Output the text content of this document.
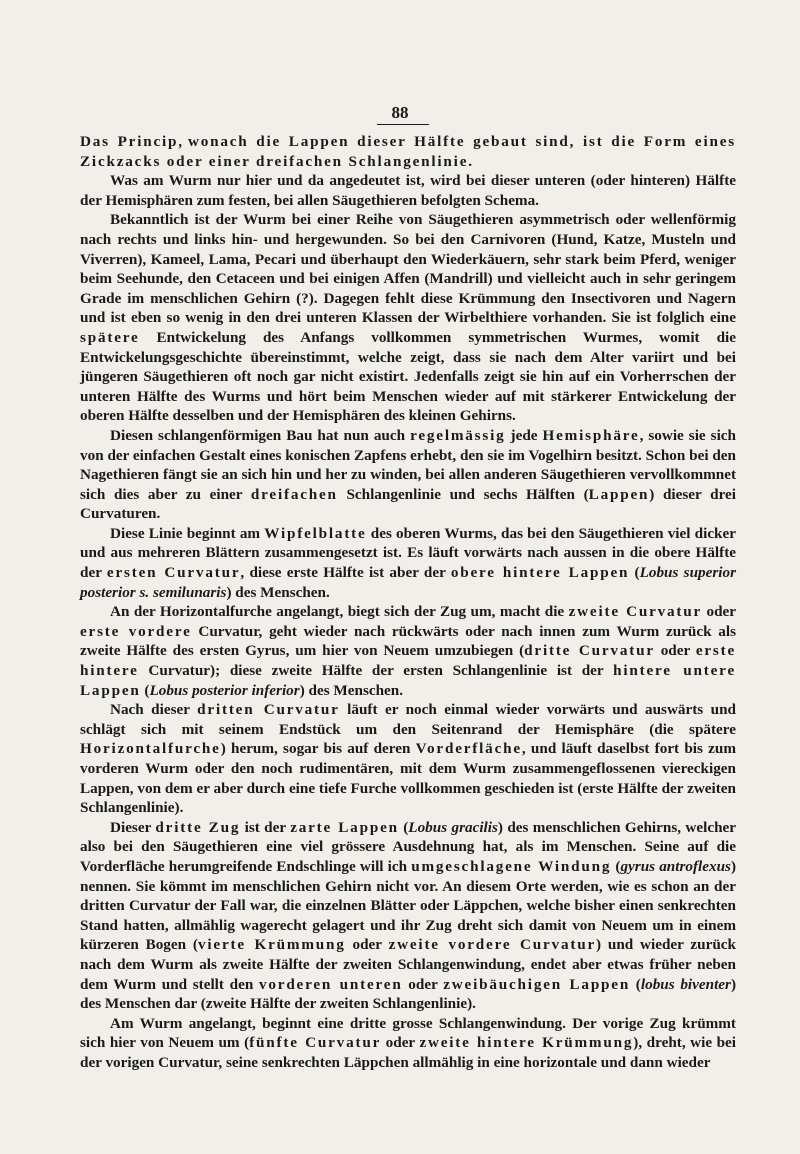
88

Das Princip, wonach die Lappen dieser Hälfte gebaut sind, ist die Form eines Zickzacks oder einer dreifachen Schlangenlinie.

Was am Wurm nur hier und da angedeutet ist, wird bei dieser unteren (oder hinteren) Hälfte der Hemisphären zum festen, bei allen Säugethieren befolgten Schema.

Bekanntlich ist der Wurm bei einer Reihe von Säugethieren asymmetrisch oder wellenförmig nach rechts und links hin- und hergewunden. So bei den Carnivoren (Hund, Katze, Musteln und Viverren), Kameel, Lama, Pecari und überhaupt den Wiederkäuern, sehr stark beim Pferd, weniger beim Seehunde, den Cetaceen und bei einigen Affen (Mandrill) und vielleicht auch in sehr geringem Grade im menschlichen Gehirn (?). Dagegen fehlt diese Krümmung den Insectivoren und Nagern und ist eben so wenig in den drei unteren Klassen der Wirbelthiere vorhanden. Sie ist folglich eine spätere Entwickelung des Anfangs vollkommen symmetrischen Wurmes, womit die Entwickelungsgeschichte übereinstimmt, welche zeigt, dass sie nach dem Alter variirt und bei jüngeren Säugethieren oft noch gar nicht existirt. Jedenfalls zeigt sie hin auf ein Vorherrschen der unteren Hälfte des Wurms und hört beim Menschen wieder auf mit stärkerer Entwickelung der oberen Hälfte desselben und der Hemisphären des kleinen Gehirns.

Diesen schlangenförmigen Bau hat nun auch regelmässig jede Hemisphäre, sowie sie sich von der einfachen Gestalt eines konischen Zapfens erhebt, den sie im Vogelhirn besitzt. Schon bei den Nagethieren fängt sie an sich hin und her zu winden, bei allen anderen Säugethieren vervollkommnet sich dies aber zu einer dreifachen Schlangenlinie und sechs Hälften (Lappen) dieser drei Curvaturen.

Diese Linie beginnt am Wipfelblatte des oberen Wurms, das bei den Säugethieren viel dicker und aus mehreren Blättern zusammengesetzt ist. Es läuft vorwärts nach aussen in die obere Hälfte der ersten Curvatur, diese erste Hälfte ist aber der obere hintere Lappen (Lobus superior posterior s. semilunaris) des Menschen.

An der Horizontalfurche angelangt, biegt sich der Zug um, macht die zweite Curvatur oder erste vordere Curvatur, geht wieder nach rückwärts oder nach innen zum Wurm zurück als zweite Hälfte des ersten Gyrus, um hier von Neuem umzubiegen (dritte Curvatur oder erste hintere Curvatur); diese zweite Hälfte der ersten Schlangenlinie ist der hintere untere Lappen (Lobus posterior inferior) des Menschen.

Nach dieser dritten Curvatur läuft er noch einmal wieder vorwärts und auswärts und schlägt sich mit seinem Endstück um den Seitenrand der Hemisphäre (die spätere Horizontalfurche) herum, sogar bis auf deren Vorderfläche, und läuft daselbst fort bis zum vorderen Wurm oder den noch rudimentären, mit dem Wurm zusammengeflossenen viereckigen Lappen, von dem er aber durch eine tiefe Furche vollkommen geschieden ist (erste Hälfte der zweiten Schlangenlinie).

Dieser dritte Zug ist der zarte Lappen (Lobus gracilis) des menschlichen Gehirns, welcher also bei den Säugethieren eine viel grössere Ausdehnung hat, als im Menschen. Seine auf die Vorderfläche herumgreifende Endschlinge will ich umgeschlagene Windung (gyrus antroflexus) nennen. Sie kömmt im menschlichen Gehirn nicht vor. An diesem Orte werden, wie es schon an der dritten Curvatur der Fall war, die einzelnen Blätter oder Läppchen, welche bisher einen senkrechten Stand hatten, allmählig wagerecht gelagert und ihr Zug dreht sich damit von Neuem um in einem kürzeren Bogen (vierte Krümmung oder zweite vordere Curvatur) und wieder zurück nach dem Wurm als zweite Hälfte der zweiten Schlangenwindung, endet aber etwas früher neben dem Wurm und stellt den vorderen unteren oder zweibäuchigen Lappen (lobus biventer) des Menschen dar (zweite Hälfte der zweiten Schlangenlinie).

Am Wurm angelangt, beginnt eine dritte grosse Schlangenwindung. Der vorige Zug krümmt sich hier von Neuem um (fünfte Curvatur oder zweite hintere Krümmung), dreht, wie bei der vorigen Curvatur, seine senkrechten Läppchen allmählig in eine horizontale und dann wieder
